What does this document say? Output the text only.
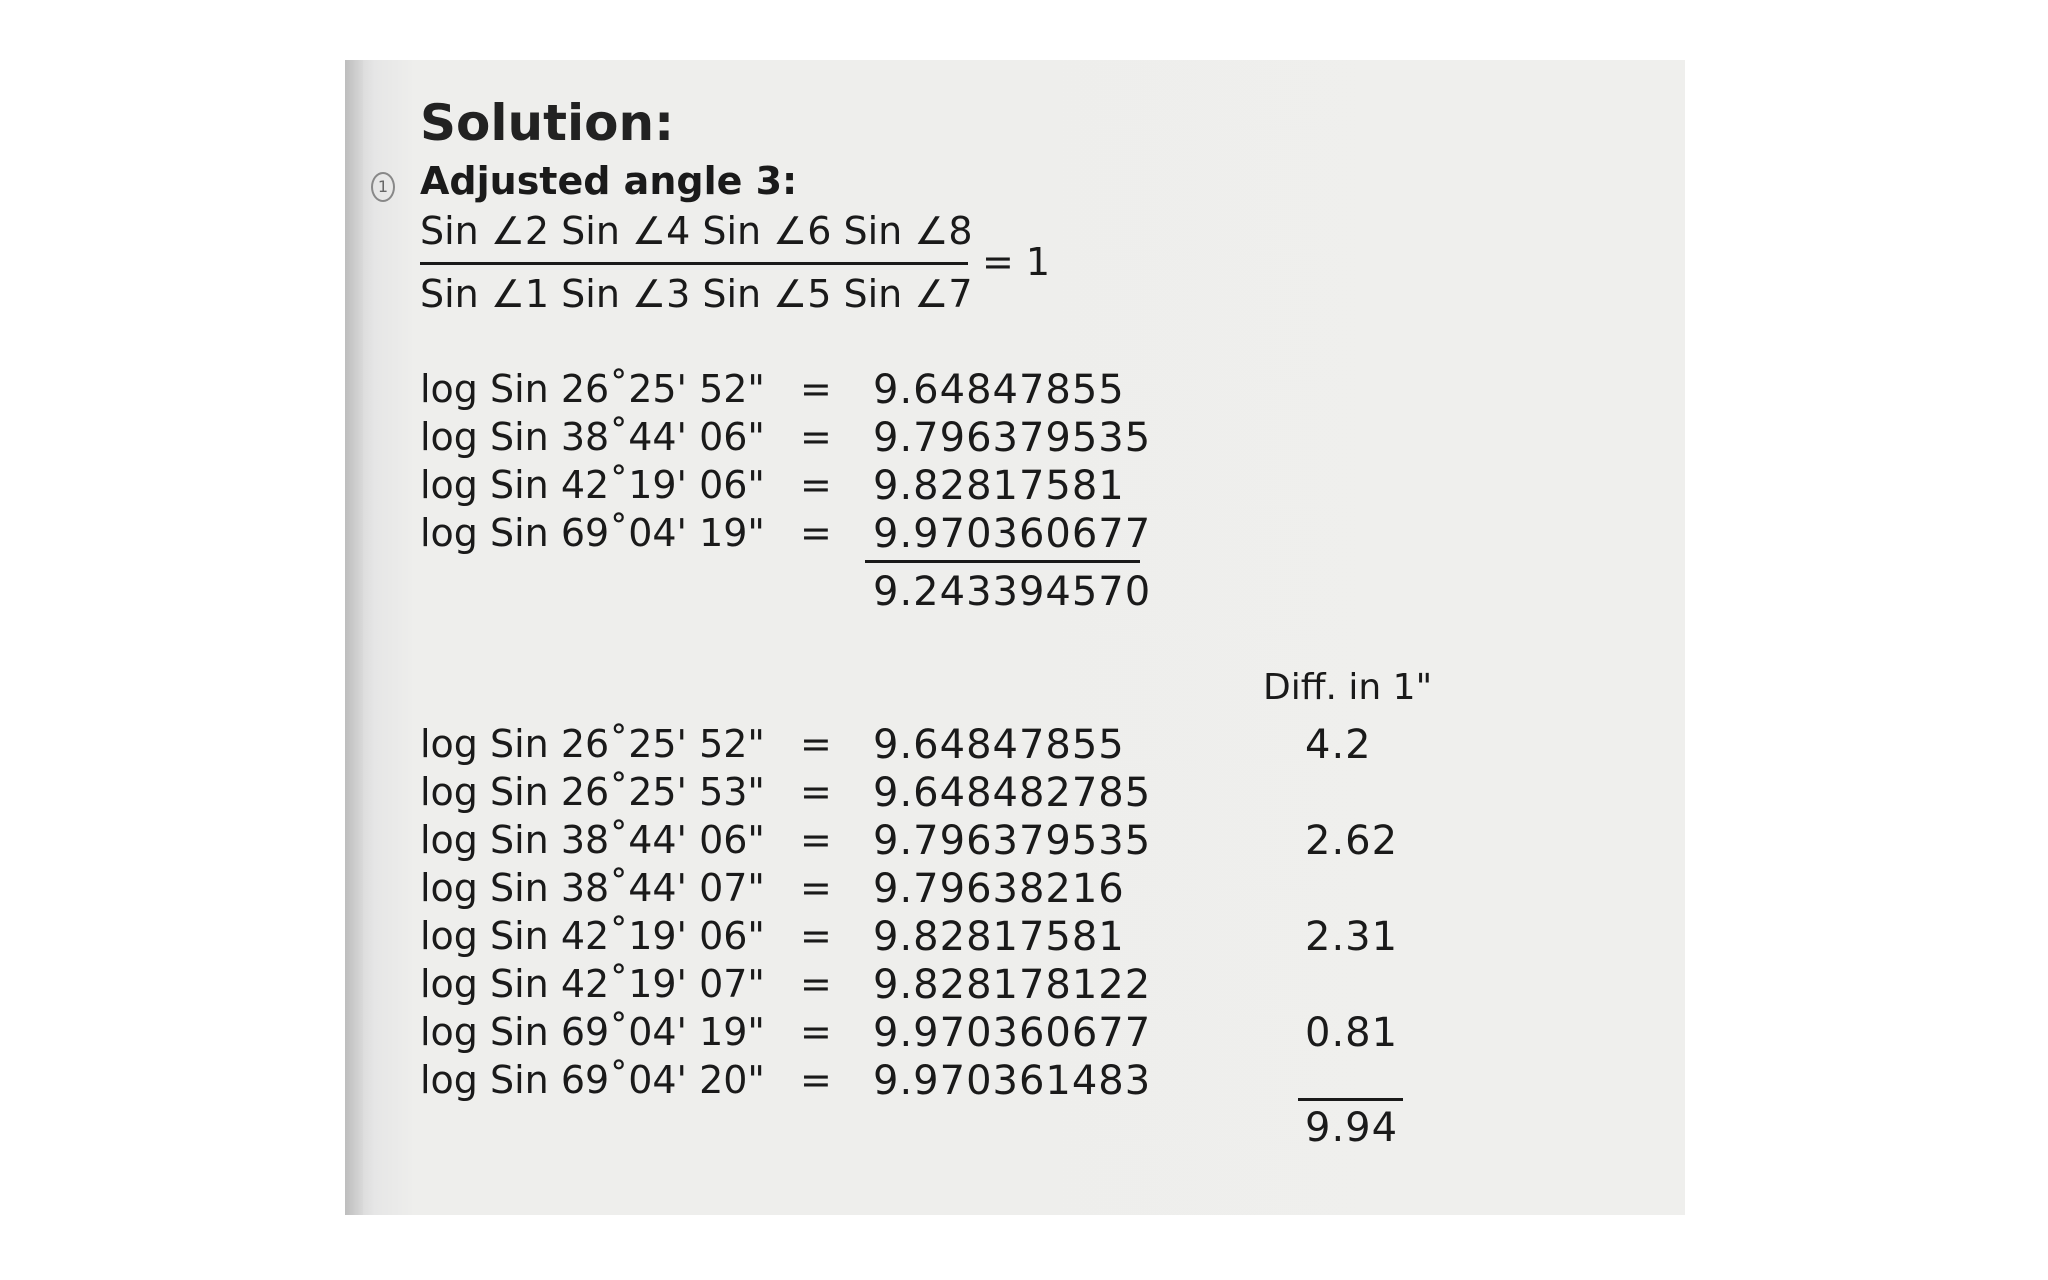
Solution:
1 Adjusted angle 3:
Sin ∠2 Sin ∠4 Sin ∠6 Sin ∠8
Sin ∠1 Sin ∠3 Sin ∠5 Sin ∠7
= 1
log Sin 26˚25' 52" = 9.64847855
log Sin 38˚44' 06" = 9.796379535
log Sin 42˚19' 06" = 9.82817581
log Sin 69˚04' 19" = 9.970360677
9.243394570
Diff. in 1"
log Sin 26˚25' 52" = 9.64847855	4.2
log Sin 26˚25' 53" = 9.648482785
log Sin 38˚44' 06" = 9.796379535	2.62
log Sin 38˚44' 07" = 9.79638216
log Sin 42˚19' 06" = 9.82817581	2.31
log Sin 42˚19' 07" = 9.828178122
log Sin 69˚04' 19" = 9.970360677	0.81
log Sin 69˚04' 20" = 9.970361483
9.94
